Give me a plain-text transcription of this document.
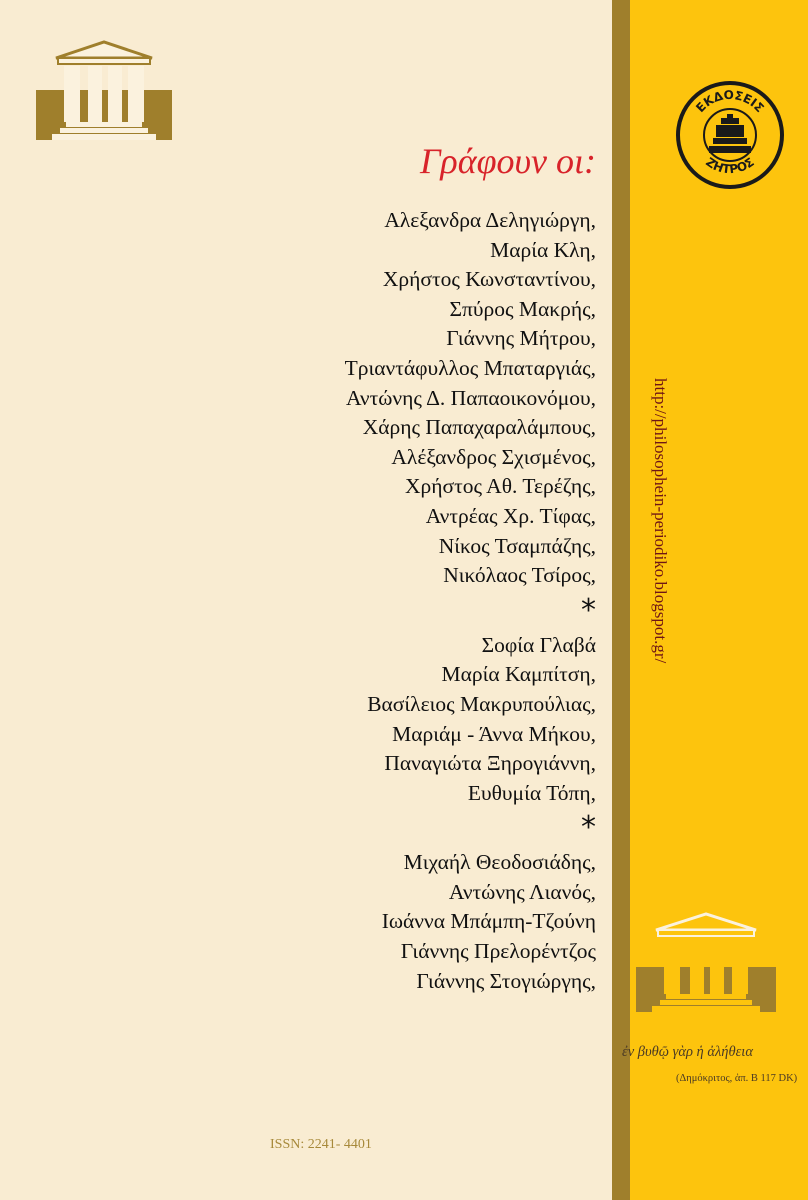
Γράφουν οι:
Αλεξανδρα Δεληγιώργη,
Μαρία Κλη,
Χρήστος Κωνσταντίνου,
Σπύρος Μακρής,
Γιάννης Μήτρου,
Τριαντάφυλλος Μπαταργιάς,
Αντώνης Δ. Παπαοικονόμου,
Χάρης Παπαχαραλάμπους,
Αλέξανδρος Σχισμένος,
Χρήστος Αθ. Τερέζης,
Αντρέας Χρ. Τίφας,
Νίκος Τσαμπάζης,
Νικόλαος Τσίρος,
*
Σοφία Γλαβά
Μαρία Καμπίτση,
Βασίλειος Μακρυπούλιας,
Μαριάμ - Άννα Μήκου,
Παναγιώτα Ξηρογιάννη,
Ευθυμία Τόπη,
*
Μιχαήλ Θεοδοσιάδης,
Αντώνης Λιανός,
Ιωάννα Μπάμπη-Τζούνη
Γιάννης Πρελορέντζος
Γιάννης Στογιώργης,
ISSN: 2241- 4401
ΕΚΔΟΣΕΙΣ
ΖΗΤΡΟΣ
http://philosophein-periodiko.blogspot.gr/
ἐν βυθῷ γὰρ ἡ ἀλήθεια
(Δημόκριτος, ἀπ. Β 117 DK)
